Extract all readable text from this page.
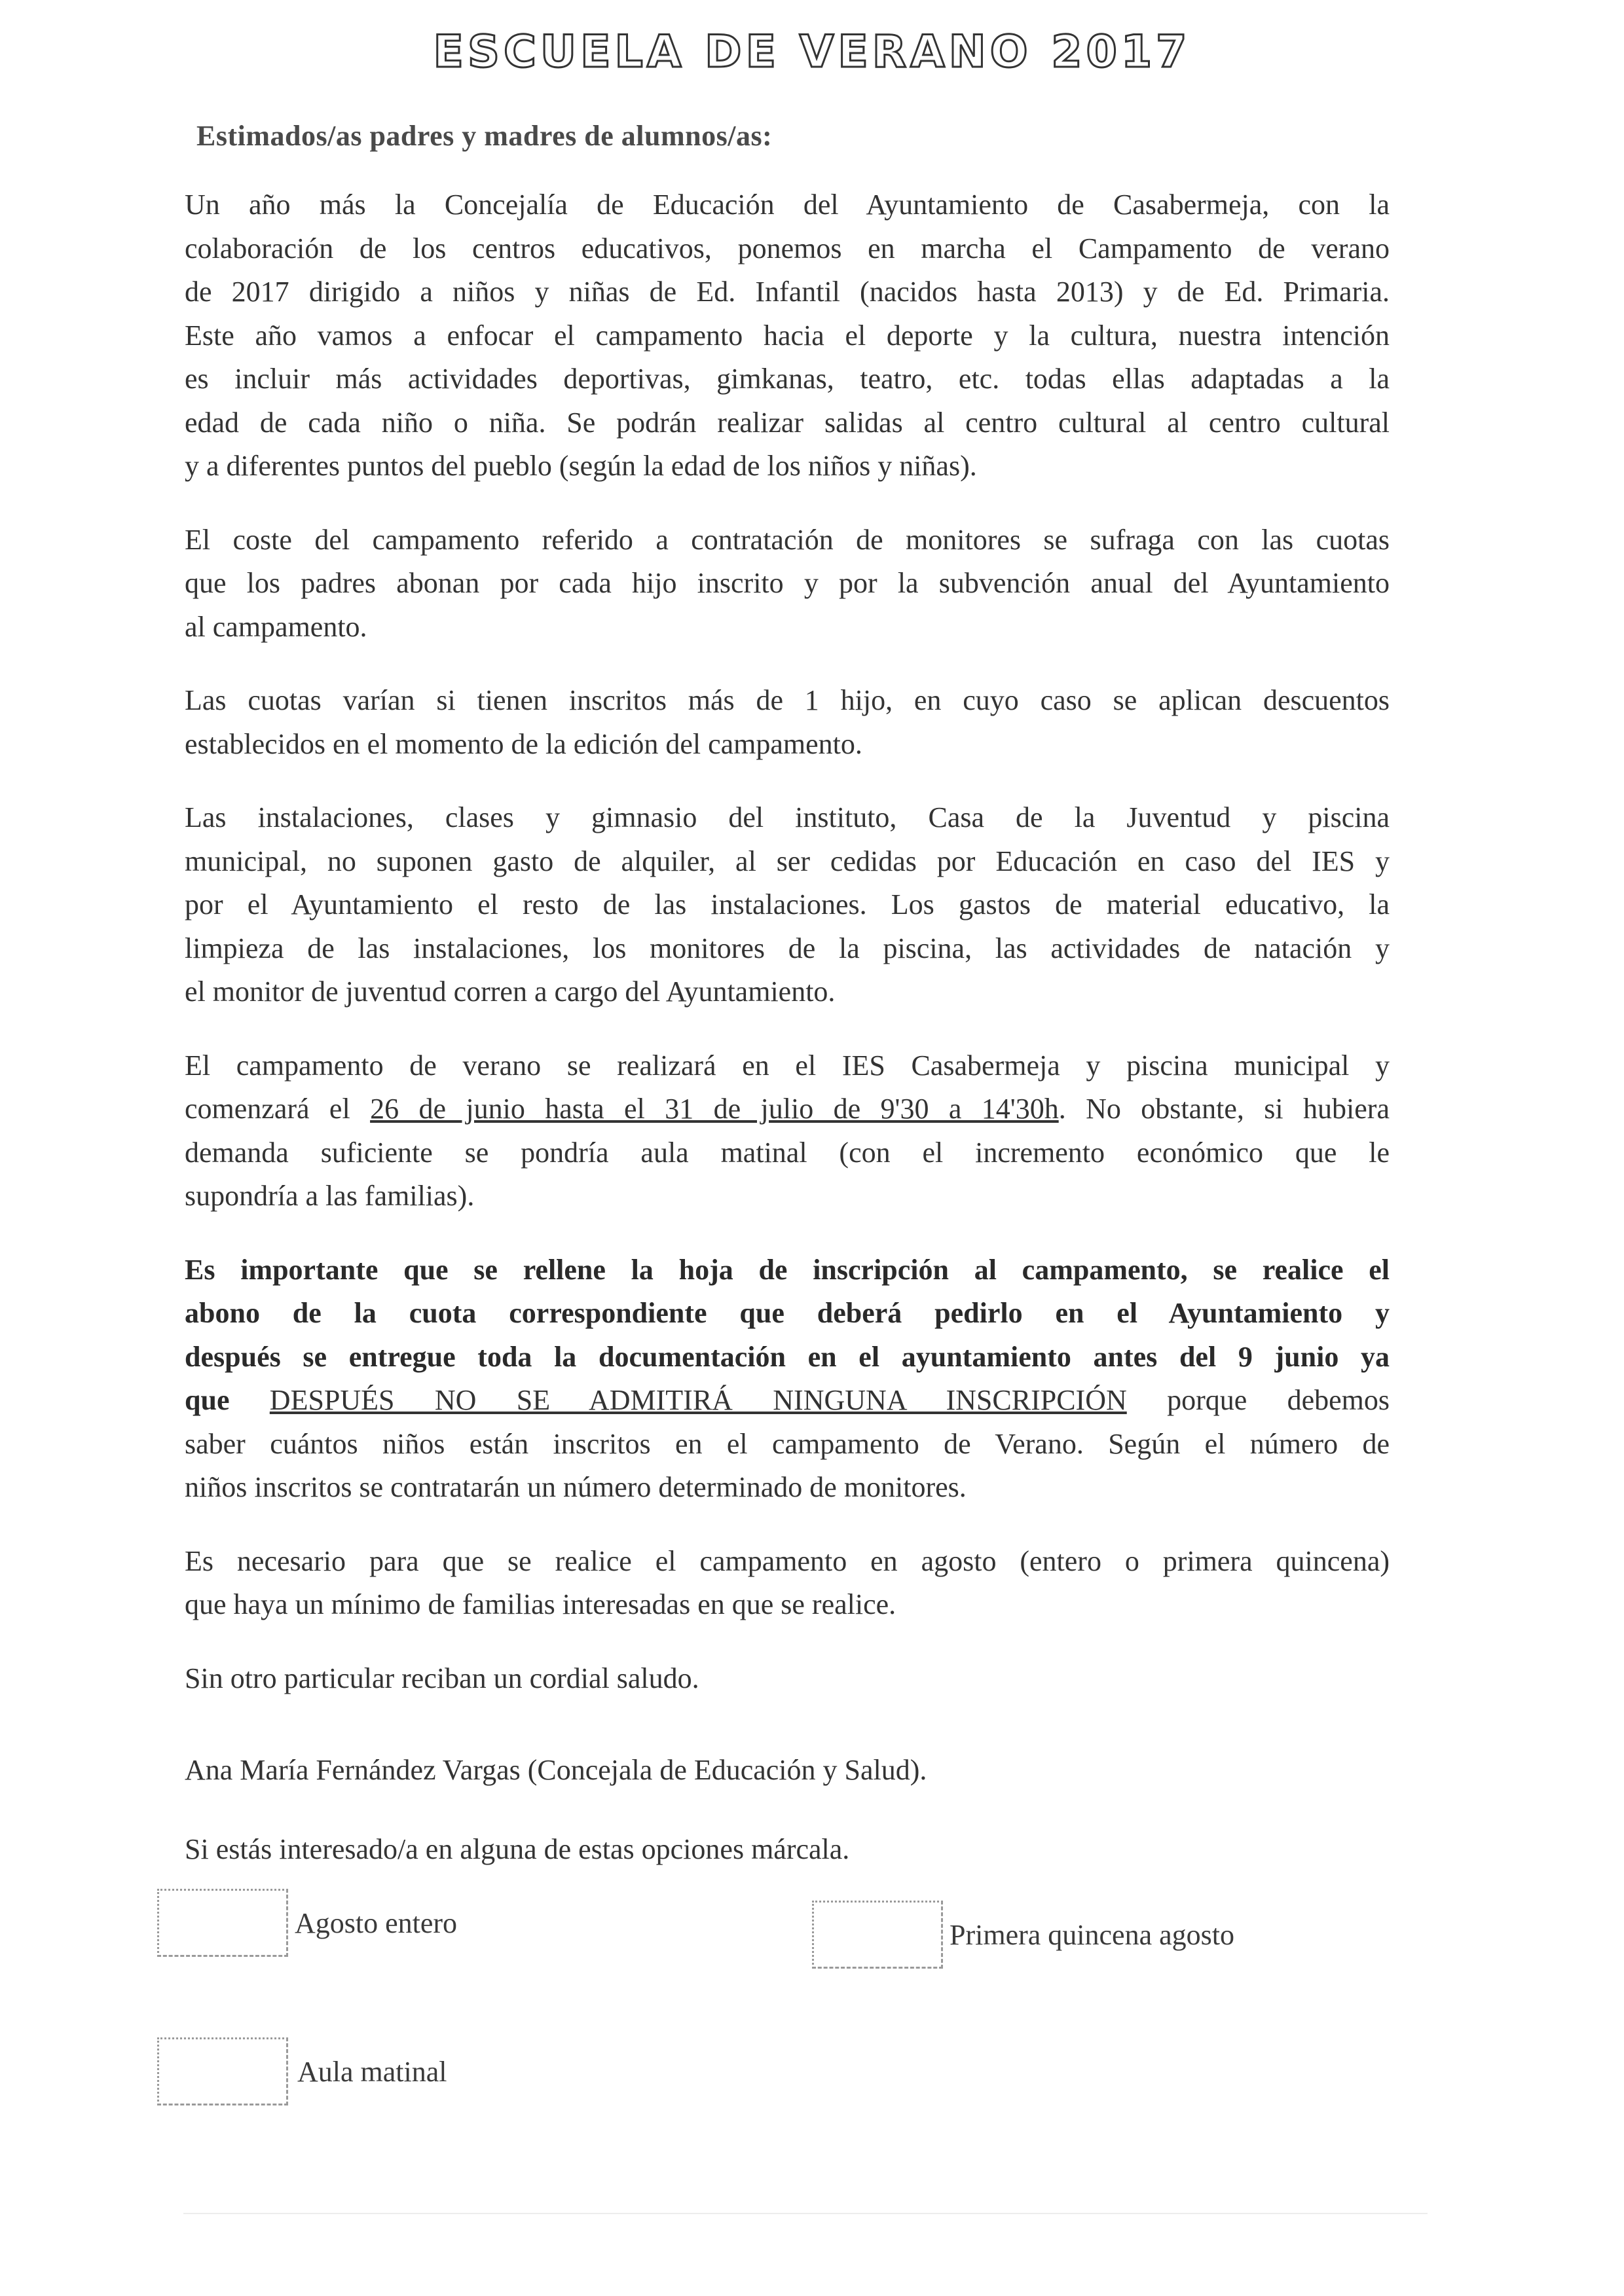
ESCUELA DE VERANO 2017
Estimados/as padres y madres de alumnos/as:
Un año más la Concejalía de Educación del Ayuntamiento de Casabermeja, con la
colaboración de los centros educativos, ponemos en marcha el Campamento de verano
de 2017 dirigido a niños y niñas de Ed. Infantil (nacidos hasta 2013) y de Ed. Primaria.
Este año vamos a enfocar el campamento hacia el deporte y la cultura, nuestra intención
es incluir más actividades deportivas, gimkanas, teatro, etc. todas ellas adaptadas a la
edad de cada niño o niña. Se podrán realizar salidas al centro cultural al centro cultural
y a diferentes puntos del pueblo (según la edad de los niños y niñas).
El coste del campamento referido a contratación de monitores se sufraga con las cuotas
que los padres abonan por cada hijo inscrito y por la subvención anual del Ayuntamiento
al campamento.
Las cuotas varían si tienen inscritos más de 1 hijo, en cuyo caso se aplican descuentos
establecidos en el momento de la edición del campamento.
Las instalaciones, clases y gimnasio del instituto, Casa de la Juventud y piscina
municipal, no suponen gasto de alquiler, al ser cedidas por Educación en caso del IES y
por el Ayuntamiento el resto de las instalaciones. Los gastos de material educativo, la
limpieza de las instalaciones, los monitores de la piscina, las actividades de natación y
el monitor de juventud corren a cargo del Ayuntamiento.
El campamento de verano se realizará en el IES Casabermeja y piscina municipal y
comenzará el 26 de junio hasta el 31 de julio de 9'30 a 14'30h. No obstante, si hubiera
demanda suficiente se pondría aula matinal (con el incremento económico que le
supondría a las familias).
Es importante que se rellene la hoja de inscripción al campamento, se realice el
abono de la cuota correspondiente que deberá pedirlo en el Ayuntamiento y
después se entregue toda la documentación en el ayuntamiento antes del 9 junio ya
que DESPUÉS NO SE ADMITIRÁ NINGUNA INSCRIPCIÓN porque debemos
saber cuántos niños están inscritos en el campamento de Verano. Según el número de
niños inscritos se contratarán un número determinado de monitores.
Es necesario para que se realice el campamento en agosto (entero o primera quincena)
que haya un mínimo de familias interesadas en que se realice.
Sin otro particular reciban un cordial saludo.
Ana María Fernández Vargas (Concejala de Educación y Salud).
Si estás interesado/a en alguna de estas opciones márcala.
Agosto entero	Primera quincena agosto
Aula matinal
